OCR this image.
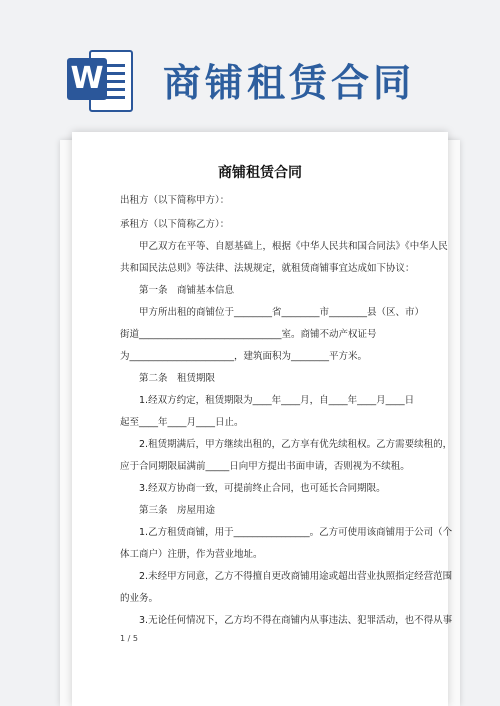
W 商铺租赁合同
商铺租赁合同
出租方（以下简称甲方）：
承租方（以下简称乙方）：
　　甲乙双方在平等、自愿基础上，根据《中华人民共和国合同法》《中华人民
共和国民法总则》等法律、法规规定，就租赁商铺事宜达成如下协议：
　　第一条　商铺基本信息
　　甲方所出租的商铺位于________省________市________县（区、市）
街道______________________________室。商铺不动产权证号
为______________________，建筑面积为________平方米。
　　第二条　租赁期限
　　1.经双方约定，租赁期限为____年____月，自____年____月____日
起至____年____月____日止。
　　2.租赁期满后，甲方继续出租的，乙方享有优先续租权。乙方需要续租的，
应于合同期限届满前_____日向甲方提出书面申请，否则视为不续租。
　　3.经双方协商一致，可提前终止合同，也可延长合同期限。
　　第三条　房屋用途
　　1.乙方租赁商铺，用于________________。乙方可使用该商铺用于公司（个
体工商户）注册，作为营业地址。
　　2.未经甲方同意，乙方不得擅自更改商铺用途或超出营业执照指定经营范围
的业务。
　　3.无论任何情况下，乙方均不得在商铺内从事违法、犯罪活动，也不得从事
1 / 5
